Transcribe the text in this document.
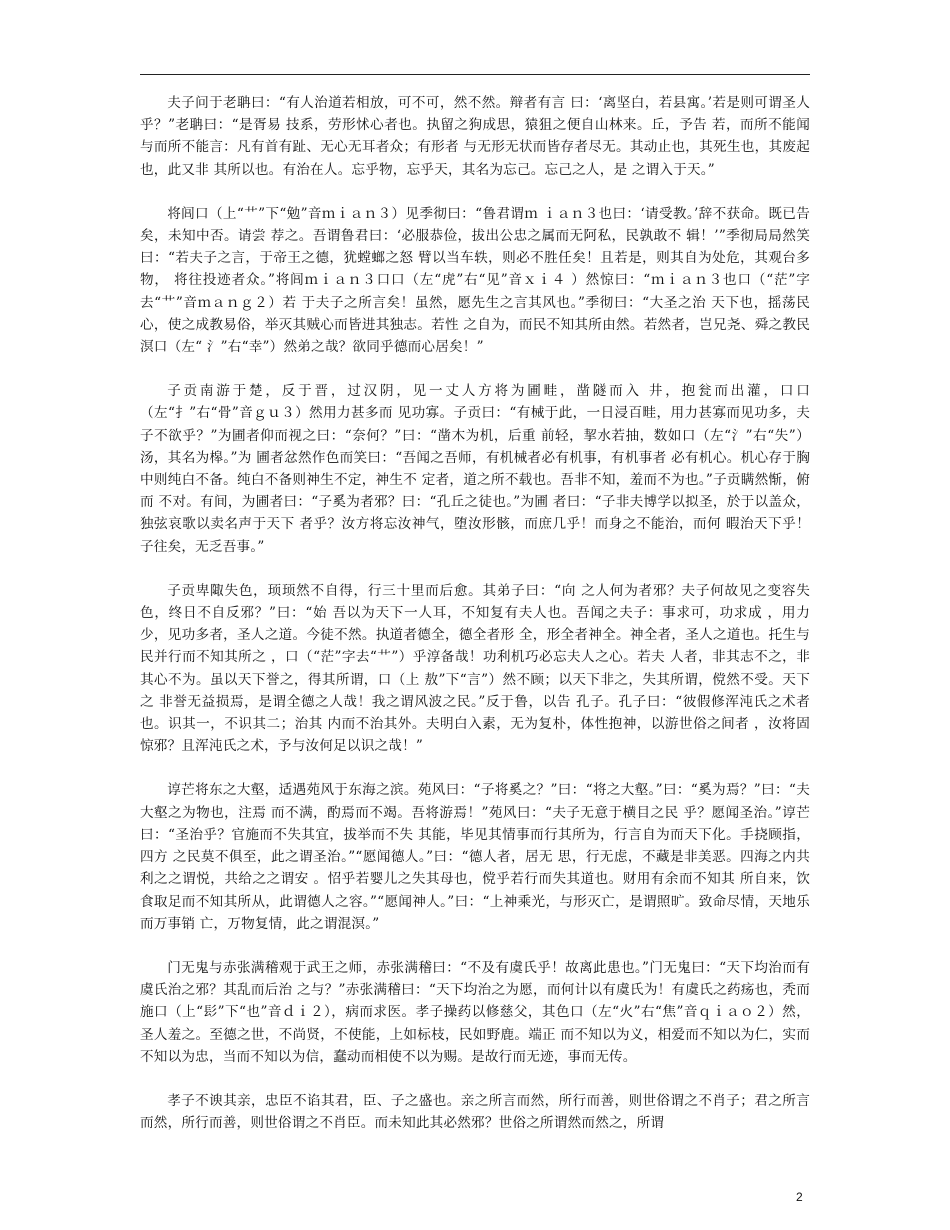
夫子问于老聃曰：“有人治道若相放，可不可，然不然。辩者有言 曰：‘离坚白，若县寓。’若是则可谓圣人乎？”老聃曰：“是胥易 技系，劳形怵心者也。执留之狗成思，猿狙之便自山林来。丘，予告 若，而所不能闻与而所不能言：凡有首有趾、无心无耳者众；有形者 与无形无状而皆存者尽无。其动止也，其死生也，其废起也，此又非 其所以也。有治在人。忘乎物，忘乎天，其名为忘己。忘己之人，是 之谓入于天。”

将闾口（上“艹”下“勉”音ｍｉａｎ３）见季彻曰：“鲁君谓ｍ ｉａｎ３也曰：‘请受教。’辞不获命。既已告矣，未知中否。请尝 荐之。吾谓鲁君曰：‘必服恭俭，拔出公忠之属而无阿私，民孰敢不 辑！’”季彻局局然笑曰：“若夫子之言，于帝王之德，犹螳螂之怒 臂以当车轶，则必不胜任矣！且若是，则其自为处危，其观台多物， 将往投迹者众。”将闾ｍｉａｎ３口口（左“虎”右“见”音ｘｉ４ ）然惊曰：“ｍｉａｎ３也口（“茫”字去“艹”音ｍａｎｇ２）若 于夫子之所言矣！虽然，愿先生之言其风也。”季彻曰：“大圣之治 天下也，摇荡民心，使之成教易俗，举灭其贼心而皆进其独志。若性 之自为，而民不知其所由然。若然者，岂兄尧、舜之教民溟口（左“ 氵”右“幸”）然弟之哉？欲同乎德而心居矣！”

子贡南游于楚，反于晋，过汉阴，见一丈人方将为圃畦，凿隧而入 井，抱瓮而出灌，口口（左“扌”右“骨”音ｇｕ３）然用力甚多而 见功寡。子贡曰：“有械于此，一日浸百畦，用力甚寡而见功多，夫 子不欲乎？”为圃者仰而视之曰：“奈何？”曰：“凿木为机，后重 前轻，挈水若抽，数如口（左“氵”右“失”）汤，其名为槔。”为 圃者忿然作色而笑曰：“吾闻之吾师，有机械者必有机事，有机事者 必有机心。机心存于胸中则纯白不备。纯白不备则神生不定，神生不 定者，道之所不载也。吾非不知，羞而不为也。”子贡瞒然惭，俯而 不对。有间，为圃者曰：“子奚为者邪？曰：“孔丘之徒也。”为圃 者曰：“子非夫博学以拟圣，於于以盖众，独弦哀歌以卖名声于天下 者乎？汝方将忘汝神气，堕汝形骸，而庶几乎！而身之不能治，而何 暇治天下乎！子往矣，无乏吾事。”

子贡卑陬失色，顼顼然不自得，行三十里而后愈。其弟子曰：“向 之人何为者邪？夫子何故见之变容失色，终日不自反邪？”曰：“始 吾以为天下一人耳，不知复有夫人也。吾闻之夫子：事求可，功求成 ，用力少，见功多者，圣人之道。今徒不然。执道者德全，德全者形 全，形全者神全。神全者，圣人之道也。托生与民并行而不知其所之 ，口（“茫”字去“艹”）乎淳备哉！功利机巧必忘夫人之心。若夫 人者，非其志不之，非其心不为。虽以天下誉之，得其所谓，口（上 敖”下“言”）然不顾；以天下非之，失其所谓，傥然不受。天下之 非誉无益损焉，是谓全德之人哉！我之谓风波之民。”反于鲁，以告 孔子。孔子曰：“彼假修浑沌氏之术者也。识其一，不识其二；治其 内而不治其外。夫明白入素，无为复朴，体性抱神，以游世俗之间者 ，汝将固惊邪？且浑沌氏之术，予与汝何足以识之哉！”

谆芒将东之大壑，适遇苑风于东海之滨。苑风曰：“子将奚之？”曰：“将之大壑。”曰：“奚为焉？”曰：“夫大壑之为物也，注焉 而不满，酌焉而不竭。吾将游焉！”苑风曰：“夫子无意于横目之民 乎？愿闻圣治。”谆芒曰：“圣治乎？官施而不失其宜，拔举而不失 其能，毕见其情事而行其所为，行言自为而天下化。手挠顾指，四方 之民莫不俱至，此之谓圣治。”“愿闻德人。”曰：“德人者，居无 思，行无虑，不藏是非美恶。四海之内共利之之谓悦，共给之之谓安 。怊乎若婴儿之失其母也，傥乎若行而失其道也。财用有余而不知其 所自来，饮食取足而不知其所从，此谓德人之容。”“愿闻神人。”曰：“上神乘光，与形灭亡，是谓照旷。致命尽情，天地乐而万事销 亡，万物复情，此之谓混溟。”

门无鬼与赤张满稽观于武王之师，赤张满稽曰：“不及有虞氏乎！故离此患也。”门无鬼曰：“天下均治而有虞氏治之邪？其乱而后治 之与？”赤张满稽曰：“天下均治之为愿，而何计以有虞氏为！有虞氏之药疡也，秃而施口（上“髟”下“也”音ｄｉ２），病而求医。孝子操药以修慈父，其色口（左“火”右“焦”音ｑｉａｏ２）然，圣人羞之。至德之世，不尚贤，不使能，上如标枝，民如野鹿。端正 而不知以为义，相爱而不知以为仁，实而不知以为忠，当而不知以为信，蠢动而相使不以为赐。是故行而无迹，事而无传。

孝子不谀其亲，忠臣不谄其君，臣、子之盛也。亲之所言而然，所行而善，则世俗谓之不肖子；君之所言而然，所行而善，则世俗谓之不肖臣。而未知此其必然邪？世俗之所谓然而然之，所谓

2
